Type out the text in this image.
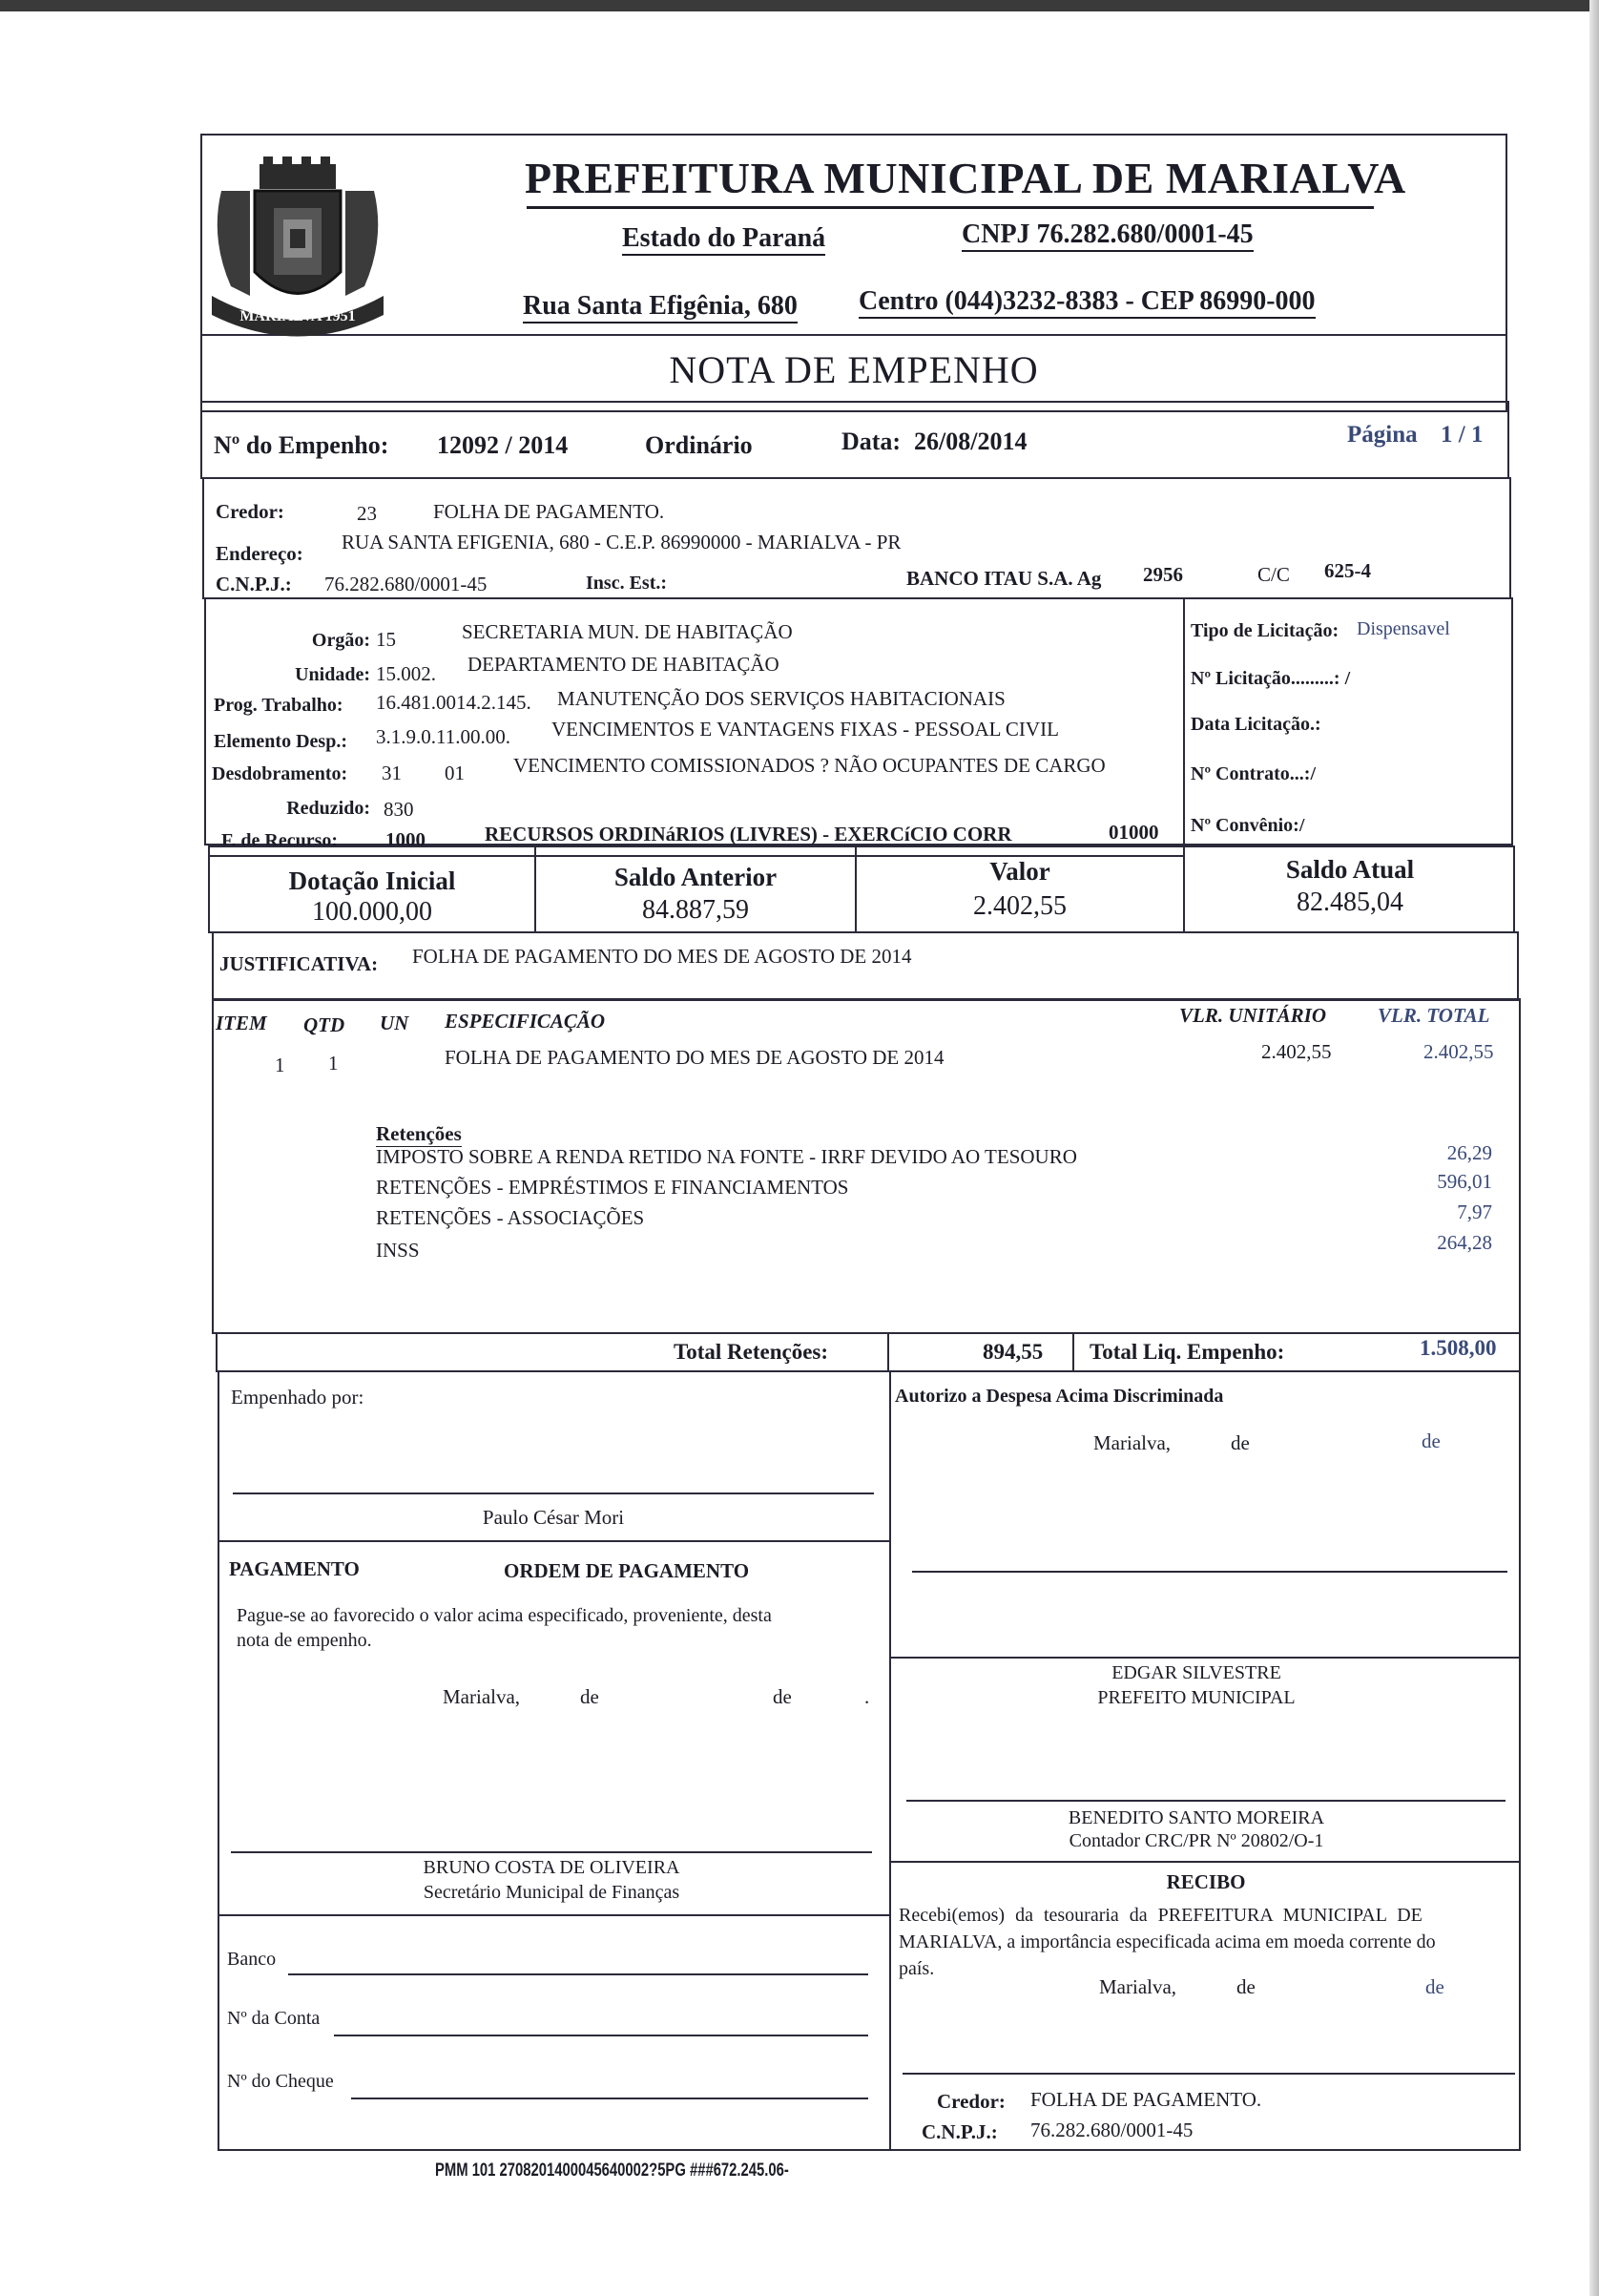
MARIALVA 1951
PREFEITURA MUNICIPAL DE MARIALVA
Estado do Paraná	CNPJ 76.282.680/0001-45
Rua Santa Efigênia, 680 Centro (044)3232-8383 - CEP 86990-000
NOTA DE EMPENHO
Nº do Empenho: 12092 / 2014	Ordinário	Data: 26/08/2014	Página 1 / 1
Credor:	23	FOLHA DE PAGAMENTO.
Endereço: RUA SANTA EFIGENIA, 680 - C.E.P. 86990000 - MARIALVA - PR
C.N.P.J.: 76.282.680/0001-45	Insc. Est.:	BANCO ITAU S.A. Ag 2956	C/C 625-4
Orgão: 15	SECRETARIA MUN. DE HABITAÇÃO
Unidade: 15.002. DEPARTAMENTO DE HABITAÇÃO
Prog. Trabalho: 16.481.0014.2.145. MANUTENÇÃO DOS SERVIÇOS HABITACIONAIS
Elemento Desp.: 3.1.9.0.11.00.00. VENCIMENTOS E VANTAGENS FIXAS - PESSOAL CIVIL
Desdobramento: 31 01 VENCIMENTO COMISSIONADOS ? NÃO OCUPANTES DE CARGO
Reduzido: 830
F. de Recurso: 1000	RECURSOS ORDINáRIOS (LIVRES) - EXERCíCIO CORR	01000
Tipo de Licitação: Dispensavel
Nº Licitação.........: /
Data Licitação.:
Nº Contrato...:/
Nº Convênio:/
Dotação Inicial
100.000,00
Saldo Anterior
84.887,59
Valor
2.402,55
Saldo Atual
82.485,04
JUSTIFICATIVA: FOLHA DE PAGAMENTO DO MES DE AGOSTO DE 2014
ITEM QTD UN ESPECIFICAÇÃO	VLR. UNITÁRIO	VLR. TOTAL
1 1	FOLHA DE PAGAMENTO DO MES DE AGOSTO DE 2014	2.402,55	2.402,55
Retenções
IMPOSTO SOBRE A RENDA RETIDO NA FONTE - IRRF DEVIDO AO TESOURO	26,29
RETENÇÕES - EMPRÉSTIMOS E FINANCIAMENTOS	596,01
RETENÇÕES - ASSOCIAÇÕES	7,97
INSS	264,28
Total Retenções:	894,55 Total Liq. Empenho:	1.508,00
Empenhado por:
Paulo César Mori
PAGAMENTO	ORDEM DE PAGAMENTO
Pague-se ao favorecido o valor acima especificado, proveniente, desta
nota de empenho.
Marialva,	de	de	.
BRUNO COSTA DE OLIVEIRA
Secretário Municipal de Finanças
Banco
Nº da Conta
Nº do Cheque
Autorizo a Despesa Acima Discriminada
Marialva,	de	de
EDGAR SILVESTRE
PREFEITO MUNICIPAL
BENEDITO SANTO MOREIRA
Contador CRC/PR Nº 20802/O-1
RECIBO
Recebi(emos) da tesouraria da PREFEITURA MUNICIPAL DE
MARIALVA, a importância especificada acima em moeda corrente do
país.
Marialva,	de	de
Credor: FOLHA DE PAGAMENTO.
C.N.P.J.: 76.282.680/0001-45
PMM 101 2708201400045640002?5PG ###672.245.06-
